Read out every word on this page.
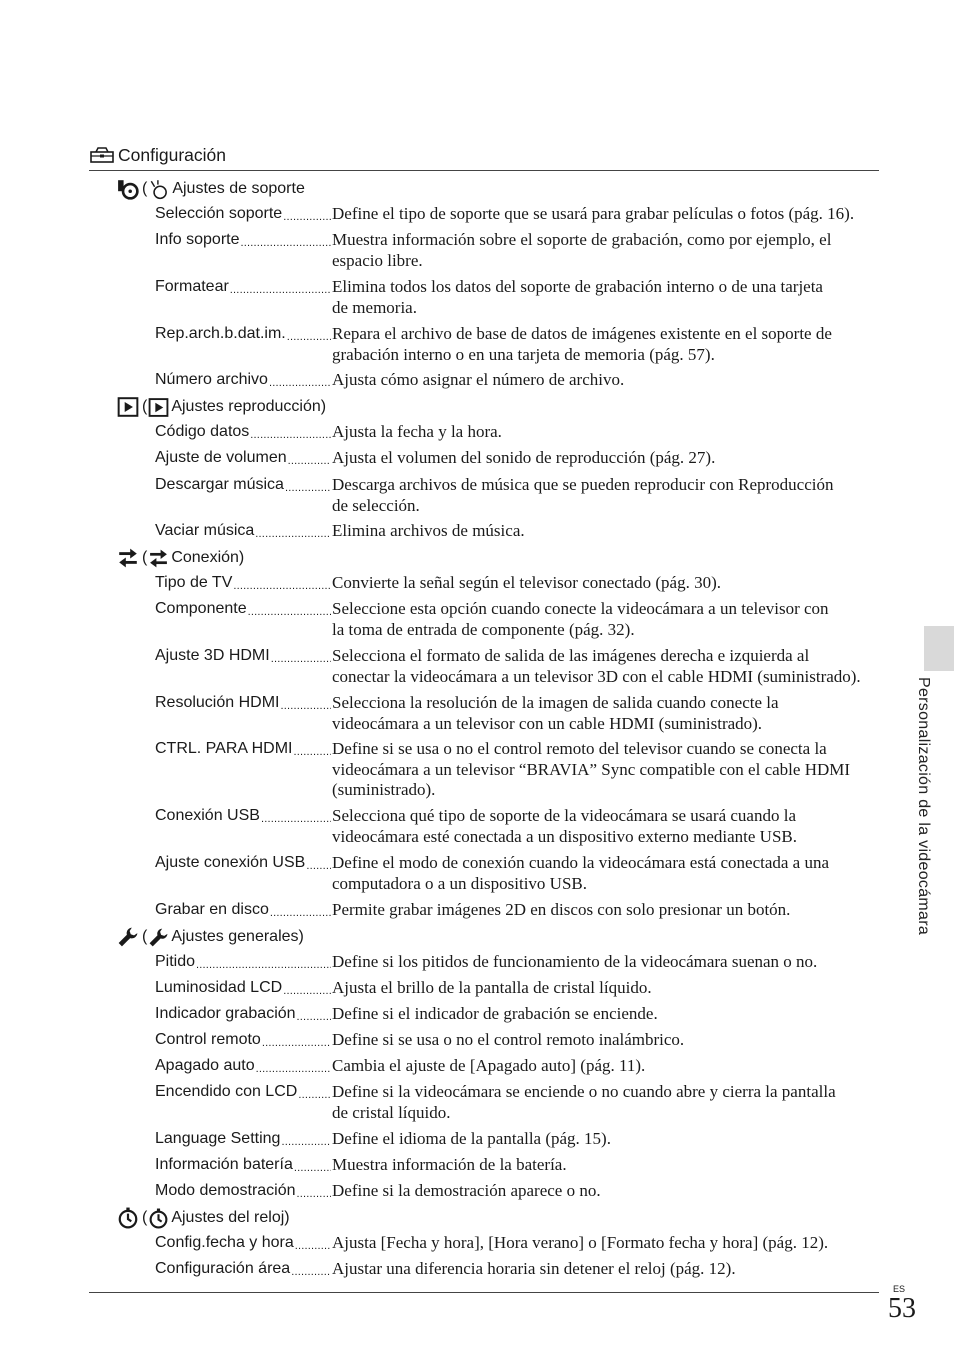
Configuración
( Ajustes de soporte
Selección soporte .....	Define el tipo de soporte que se usará para grabar películas o fotos (pág. 16).
Info soporte .....	Muestra información sobre el soporte de grabación, como por ejemplo, el
espacio libre.
Formatear .....	Elimina todos los datos del soporte de grabación interno o de una tarjeta
de memoria.
Rep.arch.b.dat.im. .....	Repara el archivo de base de datos de imágenes existente en el soporte de
grabación interno o en una tarjeta de memoria (pág. 57).
Número archivo .....	Ajusta cómo asignar el número de archivo.
( Ajustes reproducción)
Código datos .....	Ajusta la fecha y la hora.
Ajuste de volumen .....	Ajusta el volumen del sonido de reproducción (pág. 27).
Descargar música .....	Descarga archivos de música que se pueden reproducir con Reproducción
de selección.
Vaciar música .....	Elimina archivos de música.
( Conexión)
Tipo de TV .....	Convierte la señal según el televisor conectado (pág. 30).
Componente .....	Seleccione esta opción cuando conecte la videocámara a un televisor con
la toma de entrada de componente (pág. 32).
Ajuste 3D HDMI .....	Selecciona el formato de salida de las imágenes derecha e izquierda al
conectar la videocámara a un televisor 3D con el cable HDMI (suministrado).
Resolución HDMI .....	Selecciona la resolución de la imagen de salida cuando conecte la
videocámara a un televisor con un cable HDMI (suministrado).
CTRL. PARA HDMI ..... Define si se usa o no el control remoto del televisor cuando se conecta la
videocámara a un televisor “BRAVIA” Sync compatible con el cable HDMI
(suministrado).
Conexión USB .....	Selecciona qué tipo de soporte de la videocámara se usará cuando la
videocámara esté conectada a un dispositivo externo mediante USB.
Ajuste conexión USB ..... Define el modo de conexión cuando la videocámara está conectada a una
computadora o a un dispositivo USB.
Grabar en disco .....	Permite grabar imágenes 2D en discos con solo presionar un botón.
( Ajustes generales)
Pitido .....	Define si los pitidos de funcionamiento de la videocámara suenan o no.
Luminosidad LCD .....	Ajusta el brillo de la pantalla de cristal líquido.
Indicador grabación ..... Define si el indicador de grabación se enciende.
Control remoto .....	Define si se usa o no el control remoto inalámbrico.
Apagado auto .....	Cambia el ajuste de [Apagado auto] (pág. 11).
Encendido con LCD ..... Define si la videocámara se enciende o no cuando abre y cierra la pantalla
de cristal líquido.
Language Setting .....	Define el idioma de la pantalla (pág. 15).
Información batería ..... Muestra información de la batería.
Modo demostración ..... Define si la demostración aparece o no.
( Ajustes del reloj)
Config.fecha y hora ..... Ajusta [Fecha y hora], [Hora verano] o [Formato fecha y hora] (pág. 12).
Configuración área ..... Ajustar una diferencia horaria sin detener el reloj (pág. 12).
Personalización de la videocámara
ES
53
